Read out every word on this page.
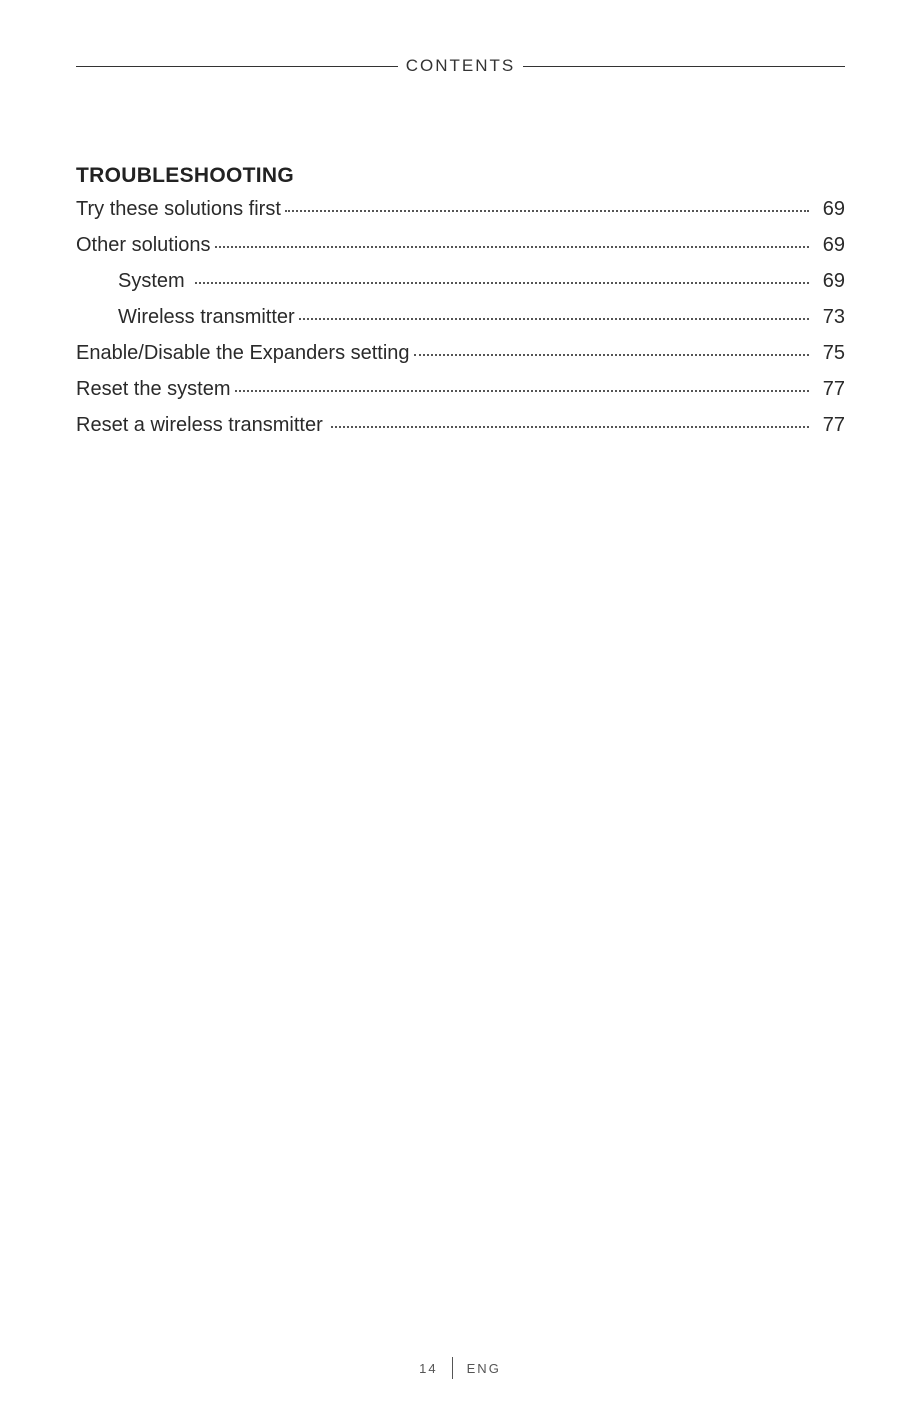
CONTENTS
TROUBLESHOOTING
Try these solutions first	69
Other solutions	69
System	69
Wireless transmitter	73
Enable/Disable the Expanders setting	75
Reset the system	77
Reset a wireless transmitter	77
14 ENG
